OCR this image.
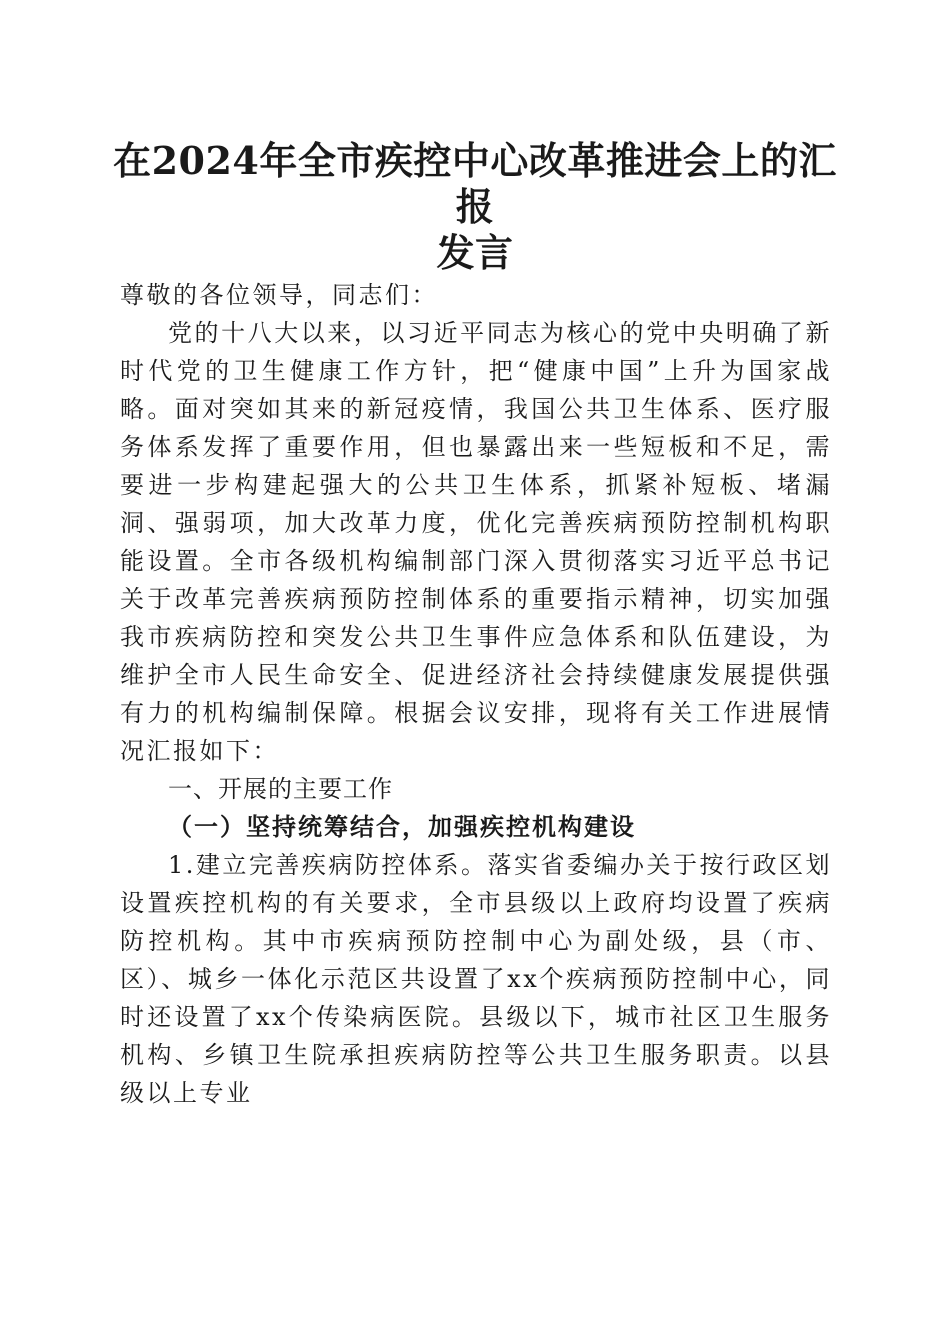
在2024年全市疾控中心改革推进会上的汇报
发言

尊敬的各位领导，同志们：

党的十八大以来，以习近平同志为核心的党中央明确了新时代党的卫生健康工作方针，把“健康中国”上升为国家战略。面对突如其来的新冠疫情，我国公共卫生体系、医疗服务体系发挥了重要作用，但也暴露出来一些短板和不足，需要进一步构建起强大的公共卫生体系，抓紧补短板、堵漏洞、强弱项，加大改革力度，优化完善疾病预防控制机构职能设置。全市各级机构编制部门深入贯彻落实习近平总书记关于改革完善疾病预防控制体系的重要指示精神，切实加强我市疾病防控和突发公共卫生事件应急体系和队伍建设，为维护全市人民生命安全、促进经济社会持续健康发展提供强有力的机构编制保障。根据会议安排，现将有关工作进展情况汇报如下：

一、开展的主要工作

（一）坚持统筹结合，加强疾控机构建设

1.建立完善疾病防控体系。落实省委编办关于按行政区划设置疾控机构的有关要求，全市县级以上政府均设置了疾病防控机构。其中市疾病预防控制中心为副处级，县（市、区）、城乡一体化示范区共设置了xx个疾病预防控制中心，同时还设置了xx个传染病医院。县级以下，城市社区卫生服务机构、乡镇卫生院承担疾病防控等公共卫生服务职责。以县级以上专业
